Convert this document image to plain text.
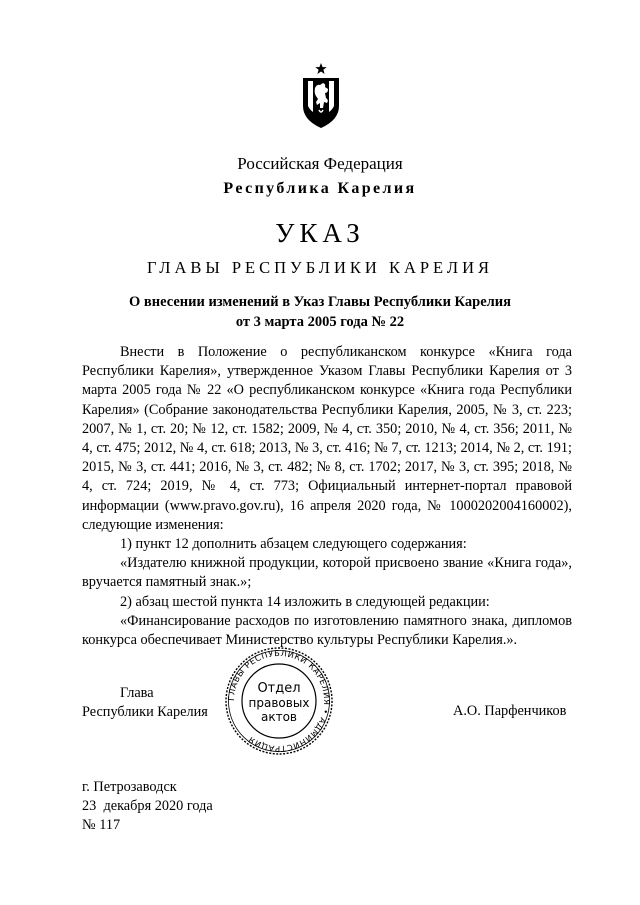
Российская Федерация
Республика Карелия
УКАЗ
ГЛАВЫ РЕСПУБЛИКИ КАРЕЛИЯ
О внесении изменений в Указ Главы Республики Карелия
от 3 марта 2005 года № 22

Внести в Положение о республиканском конкурсе «Книга года Республики Карелия», утвержденное Указом Главы Республики Карелия от 3 марта 2005 года № 22 «О республиканском конкурсе «Книга года Республики Карелия» (Собрание законодательства Республики Карелия, 2005, № 3, ст. 223; 2007, № 1, ст. 20; № 12, ст. 1582; 2009, № 4, ст. 350; 2010, № 4, ст. 356; 2011, № 4, ст. 475; 2012, № 4, ст. 618; 2013, № 3, ст. 416; № 7, ст. 1213; 2014, № 2, ст. 191; 2015, № 3, ст. 441; 2016, № 3, ст. 482; № 8, ст. 1702; 2017, № 3, ст. 395; 2018, № 4, ст. 724; 2019, № 4, ст. 773; Официальный интернет-портал правовой информации (www.pravo.gov.ru), 16 апреля 2020 года, № 1000202004160002), следующие изменения:

1) пункт 12 дополнить абзацем следующего содержания:

«Издателю книжной продукции, которой присвоено звание «Книга года», вручается памятный знак.»;

2) абзац шестой пункта 14 изложить в следующей редакции:

«Финансирование расходов по изготовлению памятного знака, дипломов конкурса обеспечивает Министерство культуры Республики Карелия.».

Глава
Республики Карелия
ГЛАВЫ РЕСПУБЛИКИ КАРЕЛИЯ • АДМИНИСТРАЦИЯ
Отдел
правовых
актов	А.О. Парфенчиков
г. Петрозаводск
23  декабря 2020 года
№ 117
